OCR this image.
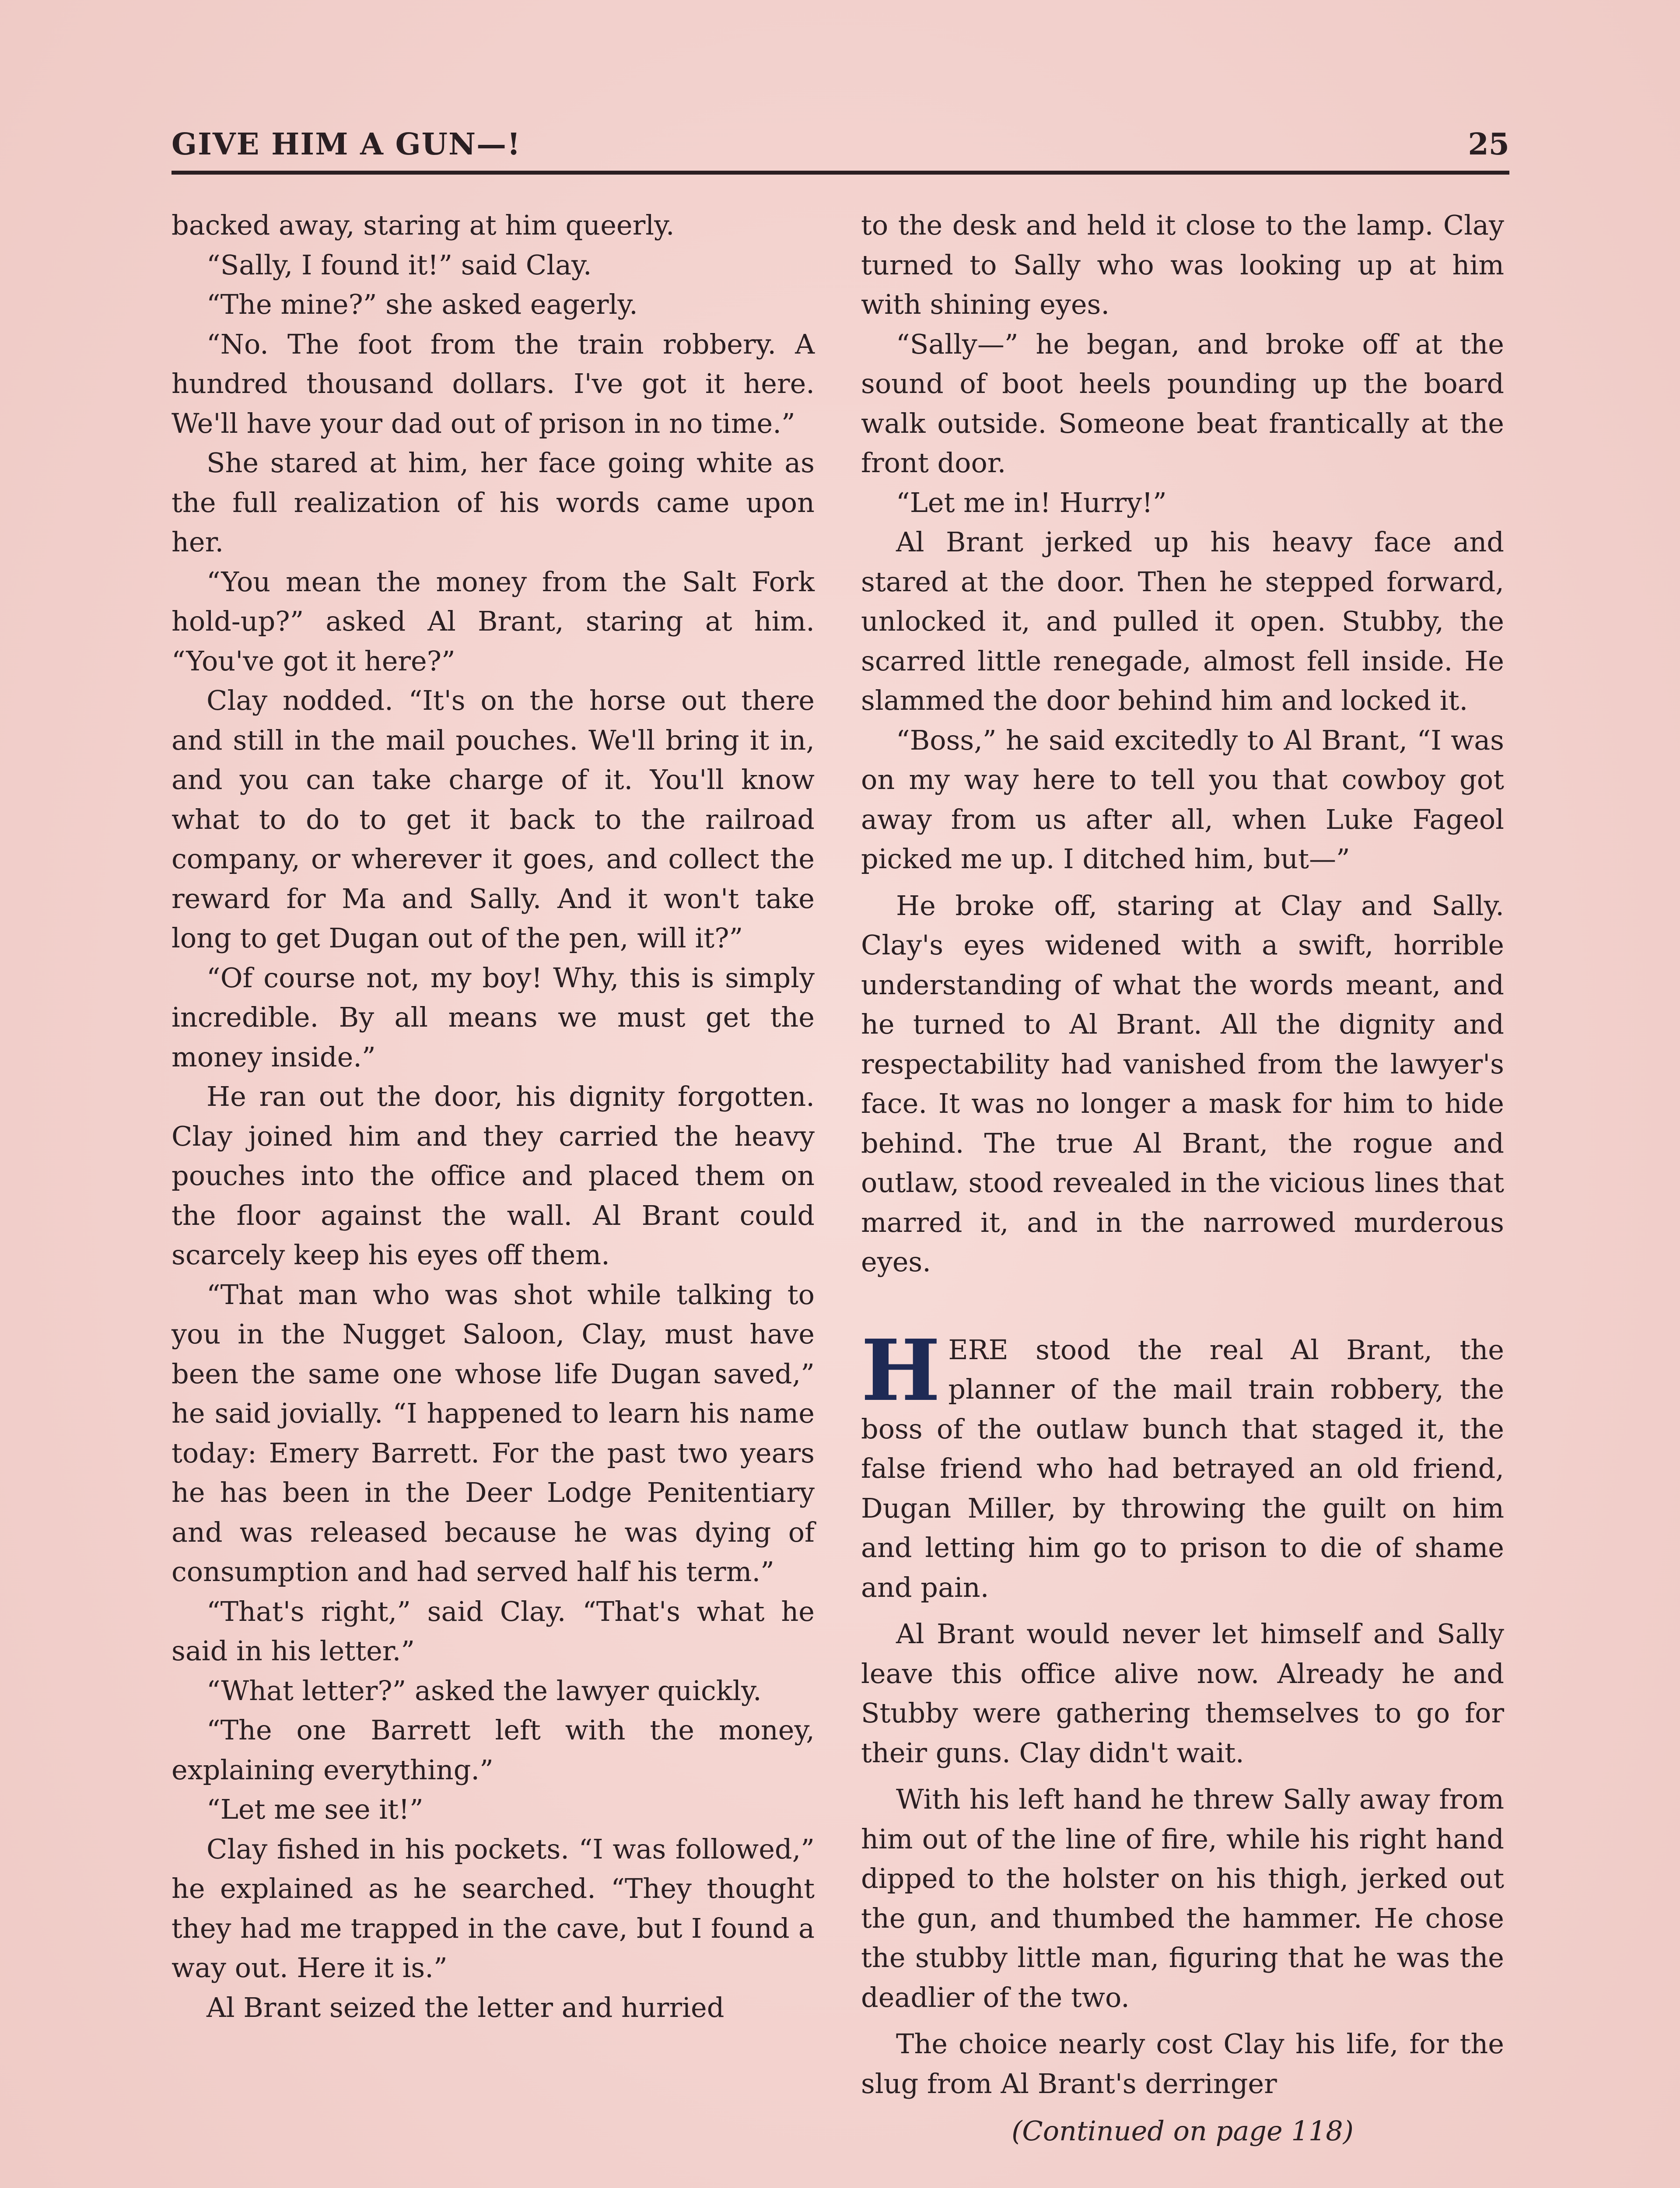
GIVE HIM A GUN—!	25

backed away, staring at him queerly.

“Sally, I found it!” said Clay.

“The mine?” she asked eagerly.

“No. The foot from the train robbery. A hundred thousand dollars. I've got it here. We'll have your dad out of prison in no time.”

She stared at him, her face going white as the full realization of his words came upon her.

“You mean the money from the Salt Fork hold-up?” asked Al Brant, staring at him. “You've got it here?”

Clay nodded. “It's on the horse out there and still in the mail pouches. We'll bring it in, and you can take charge of it. You'll know what to do to get it back to the railroad company, or wherever it goes, and collect the reward for Ma and Sally. And it won't take long to get Dugan out of the pen, will it?”

“Of course not, my boy! Why, this is simply incredible. By all means we must get the money inside.”

He ran out the door, his dignity forgotten. Clay joined him and they carried the heavy pouches into the office and placed them on the floor against the wall. Al Brant could scarcely keep his eyes off them.

“That man who was shot while talking to you in the Nugget Saloon, Clay, must have been the same one whose life Dugan saved,” he said jovially. “I happened to learn his name today: Emery Barrett. For the past two years he has been in the Deer Lodge Penitentiary and was released because he was dying of consumption and had served half his term.”

“That's right,” said Clay. “That's what he said in his letter.”

“What letter?” asked the lawyer quickly.

“The one Barrett left with the money, explaining everything.”

“Let me see it!”

Clay fished in his pockets. “I was followed,” he explained as he searched. “They thought they had me trapped in the cave, but I found a way out. Here it is.”

Al Brant seized the letter and hurried

to the desk and held it close to the lamp. Clay turned to Sally who was looking up at him with shining eyes.

“Sally—” he began, and broke off at the sound of boot heels pounding up the board walk outside. Someone beat frantically at the front door.

“Let me in! Hurry!”

Al Brant jerked up his heavy face and stared at the door. Then he stepped forward, unlocked it, and pulled it open. Stubby, the scarred little renegade, almost fell inside. He slammed the door behind him and locked it.

“Boss,” he said excitedly to Al Brant, “I was on my way here to tell you that cowboy got away from us after all, when Luke Fageol picked me up. I ditched him, but—”

He broke off, staring at Clay and Sally. Clay's eyes widened with a swift, horrible understanding of what the words meant, and he turned to Al Brant. All the dignity and respectability had vanished from the lawyer's face. It was no longer a mask for him to hide behind. The true Al Brant, the rogue and outlaw, stood revealed in the vicious lines that marred it, and in the narrowed murderous eyes.

HERE stood the real Al Brant, the planner of the mail train robbery, the boss of the outlaw bunch that staged it, the false friend who had betrayed an old friend, Dugan Miller, by throwing the guilt on him and letting him go to prison to die of shame and pain.

Al Brant would never let himself and Sally leave this office alive now. Already he and Stubby were gathering themselves to go for their guns. Clay didn't wait.

With his left hand he threw Sally away from him out of the line of fire, while his right hand dipped to the holster on his thigh, jerked out the gun, and thumbed the hammer. He chose the stubby little man, figuring that he was the deadlier of the two.

The choice nearly cost Clay his life, for the slug from Al Brant's derringer

(Continued on page 118)
